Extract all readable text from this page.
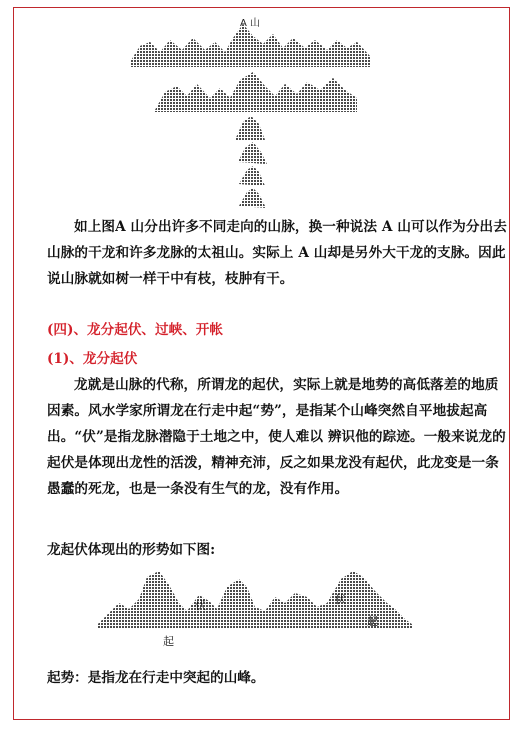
A 山
如上图A 山分出许多不同走向的山脉，换一种说法 A 山可以作为分出去山脉的干龙和许多龙脉的太祖山。实际上 A 山却是另外大干龙的支脉。因此说山脉就如树一样干中有枝，枝肿有干。
(四)、龙分起伏、过峡、开帐
(1)、龙分起伏
龙就是山脉的代称，所谓龙的起伏，实际上就是地势的高低落差的地质因素。风水学家所谓龙在行走中起“势”，是指某个山峰突然自平地拔起高出。“伏”是指龙脉潜隐于土地之中，使人难以 辨识他的踪迹。一般来说龙的起伏是体现出龙性的活泼，精神充沛，反之如果龙没有起伏，此龙变是一条愚蠢的死龙，也是一条没有生气的龙，没有作用。
龙起伏体现出的形势如下图:
起
伏	伏
起
起势：是指龙在行走中突起的山峰。
